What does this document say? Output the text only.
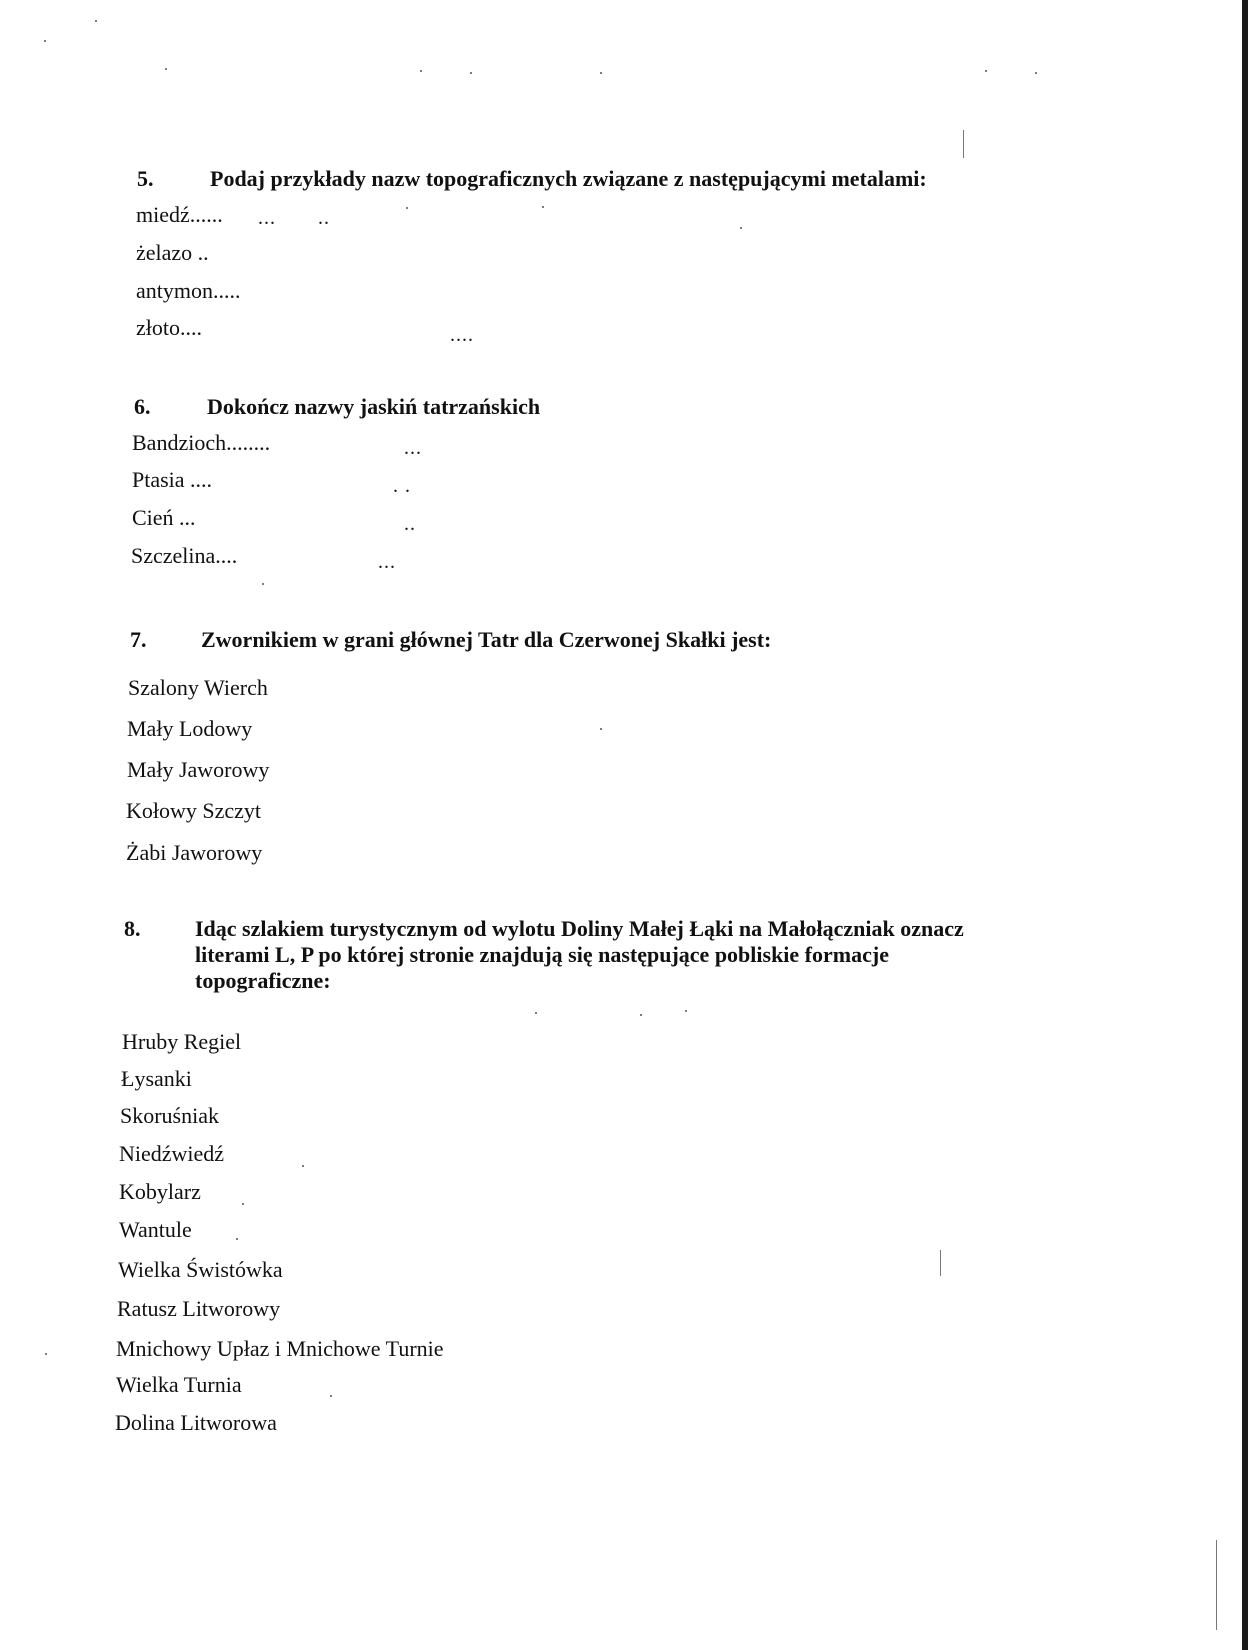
5.	Podaj przykłady nazw topograficznych związane z następującymi metalami:
miedź...... ... ..
żelazo ..
antymon.....
złoto....	....
6.	Dokończ nazwy jaskiń tatrzańskich
Bandzioch........	...
Ptasia ....	. .
Cień ...	..
Szczelina....	...
7. Zwornikiem w grani głównej Tatr dla Czerwonej Skałki jest:
Szalony Wierch
Mały Lodowy
Mały Jaworowy
Kołowy Szczyt
Żabi Jaworowy
8. Idąc szlakiem turystycznym od wylotu Doliny Małej Łąki na Małołączniak oznacz literami L, P po której stronie znajdują się następujące pobliskie formacje topograficzne:
Hruby Regiel
Łysanki
Skoruśniak
Niedźwiedź
Kobylarz
Wantule
Wielka Świstówka
Ratusz Litworowy
Mnichowy Upłaz i Mnichowe Turnie
Wielka Turnia
Dolina Litworowa
